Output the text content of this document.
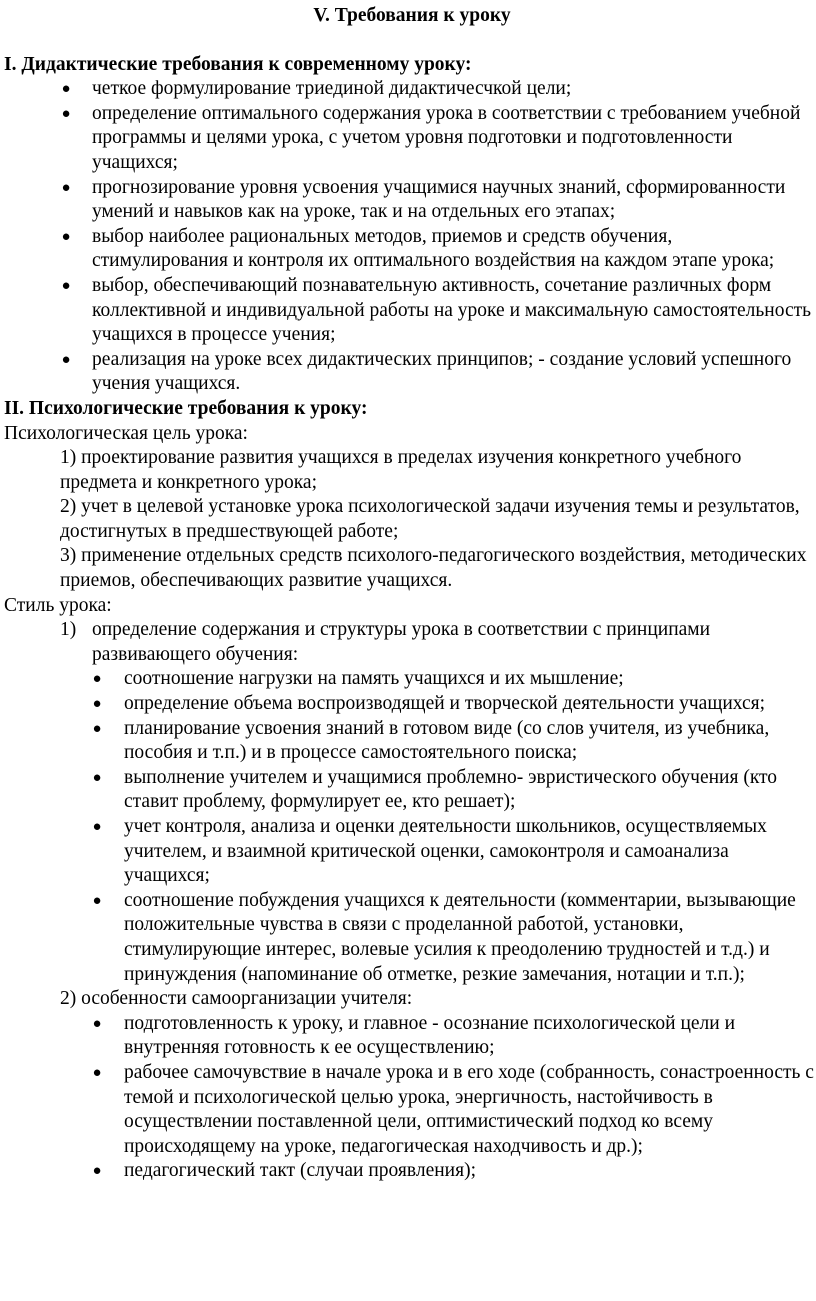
V. Требования к уроку
I. Дидактические требования к современному уроку:
● четкое формулирование триединой дидактичесчкой цели;
● определение оптимального содержания урока в соответствии с требованием учебной программы и целями урока, с учетом уровня подготовки и подготовленности учащихся;
● прогнозирование уровня усвоения учащимися научных знаний, сформированности умений и навыков как на уроке, так и на отдельных его этапах;
● выбор наиболее рациональных методов, приемов и средств обучения, стимулирования и контроля их оптимального воздействия на каждом этапе урока;
● выбор, обеспечивающий познавательную активность, сочетание различных форм коллективной и индивидуальной работы на уроке и максимальную самостоятельность учащихся в процессе учения;
● реализация на уроке всех дидактических принципов; - создание условий успешного учения учащихся.
II. Психологические требования к уроку:

Психологическая цель урока:

1) проектирование развития учащихся в пределах изучения конкретного учебного предмета и конкретного урока;

2) учет в целевой установке урока психологической задачи изучения темы и результатов, достигнутых в предшествующей работе;

3) применение отдельных средств психолого-педагогического воздействия, методических приемов, обеспечивающих развитие учащихся.

Стиль урока:

1) определение содержания и структуры урока в соответствии с принципами развивающего обучения:
● соотношение нагрузки на память учащихся и их мышление;
● определение объема воспроизводящей и творческой деятельности учащихся;
● планирование усвоения знаний в готовом виде (со слов учителя, из учебника, пособия и т.п.) и в процессе самостоятельного поиска;
● выполнение учителем и учащимися проблемно- эвристического обучения (кто ставит проблему, формулирует ее, кто решает);
● учет контроля, анализа и оценки деятельности школьников, осуществляемых учителем, и взаимной критической оценки, самоконтроля и самоанализа учащихся;
● соотношение побуждения учащихся к деятельности (комментарии, вызывающие положительные чувства в связи с проделанной работой, установки, стимулирующие интерес, волевые усилия к преодолению трудностей и т.д.) и принуждения (напоминание об отметке, резкие замечания, нотации и т.п.);

2) особенности самоорганизации учителя:

● подготовленность к уроку, и главное - осознание психологической цели и внутренняя готовность к ее осуществлению;
● рабочее самочувствие в начале урока и в его ходе (собранность, сонастроенность с темой и психологической целью урока, энергичность, настойчивость в осуществлении поставленной цели, оптимистический подход ко всему происходящему на уроке, педагогическая находчивость и др.);
● педагогический такт (случаи проявления);
